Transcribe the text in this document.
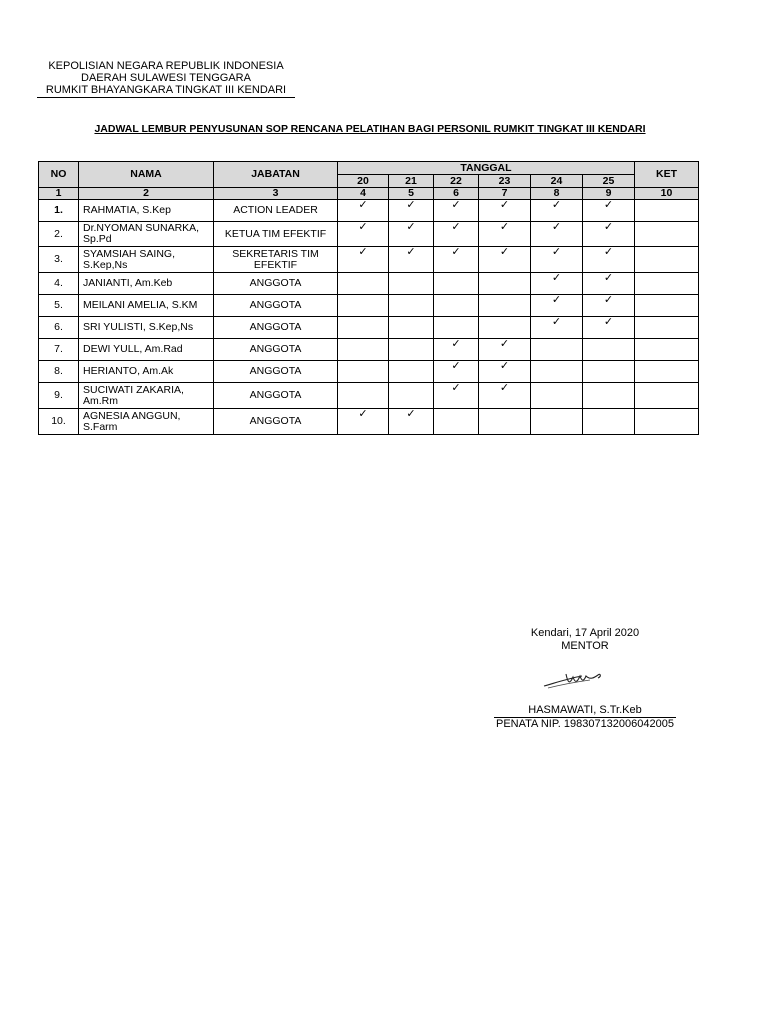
KEPOLISIAN NEGARA REPUBLIK INDONESIA
DAERAH SULAWESI TENGGARA
RUMKIT BHAYANGKARA TINGKAT III KENDARI
JADWAL LEMBUR PENYUSUNAN SOP RENCANA PELATIHAN BAGI PERSONIL RUMKIT TINGKAT III KENDARI
NO	NAMA	JABATAN	TANGGAL						KET
			20	21	22	23	24	25	
1	2	3	4	5	6	7	8	9	10
1.	RAHMATIA, S.Kep	ACTION LEADER	✓	✓	✓	✓	✓	✓	
2.	Dr.NYOMAN SUNARKA, Sp.Pd	KETUA TIM EFEKTIF	✓	✓	✓	✓	✓	✓	
3.	SYAMSIAH SAING, S.Kep,Ns	SEKRETARIS TIM EFEKTIF	✓	✓	✓	✓	✓	✓	
4.	JANIANTI, Am.Keb	ANGGOTA					✓	✓	
5.	MEILANI AMELIA, S.KM	ANGGOTA					✓	✓	
6.	SRI YULISTI, S.Kep,Ns	ANGGOTA					✓	✓	
7.	DEWI YULL, Am.Rad	ANGGOTA			✓	✓			
8.	HERIANTO, Am.Ak	ANGGOTA			✓	✓			
9.	SUCIWATI ZAKARIA, Am.Rm	ANGGOTA			✓	✓			
10.	AGNESIA ANGGUN, S.Farm	ANGGOTA	✓	✓					
Kendari, 17 April 2020
MENTOR
HASMAWATI, S.Tr.Keb
PENATA NIP. 198307132006042005
